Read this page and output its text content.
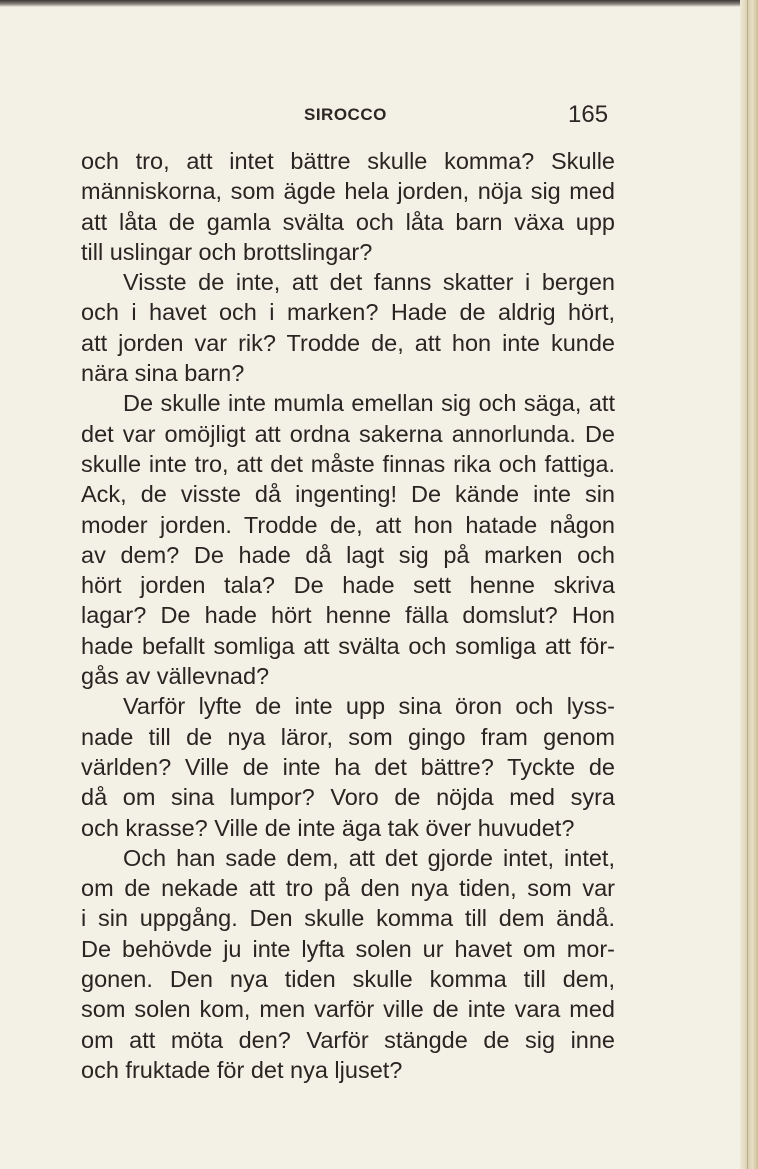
SIROCCO	165
och tro, att intet bättre skulle komma? Skulle
människorna, som ägde hela jorden, nöja sig med
att låta de gamla svälta och låta barn växa upp
till uslingar och brottslingar?
Visste de inte, att det fanns skatter i bergen
och i havet och i marken? Hade de aldrig hört,
att jorden var rik? Trodde de, att hon inte kunde
nära sina barn?
De skulle inte mumla emellan sig och säga, att
det var omöjligt att ordna sakerna annorlunda. De
skulle inte tro, att det måste finnas rika och fattiga.
Ack, de visste då ingenting! De kände inte sin
moder jorden. Trodde de, att hon hatade någon
av dem? De hade då lagt sig på marken och
hört jorden tala? De hade sett henne skriva
lagar? De hade hört henne fälla domslut? Hon
hade befallt somliga att svälta och somliga att för-
gås av vällevnad?
Varför lyfte de inte upp sina öron och lyss-
nade till de nya läror, som gingo fram genom
världen? Ville de inte ha det bättre? Tyckte de
då om sina lumpor? Voro de nöjda med syra
och krasse? Ville de inte äga tak över huvudet?
Och han sade dem, att det gjorde intet, intet,
om de nekade att tro på den nya tiden, som var
i sin uppgång. Den skulle komma till dem ändå.
De behövde ju inte lyfta solen ur havet om mor-
gonen. Den nya tiden skulle komma till dem,
som solen kom, men varför ville de inte vara med
om att möta den? Varför stängde de sig inne
och fruktade för det nya ljuset?
